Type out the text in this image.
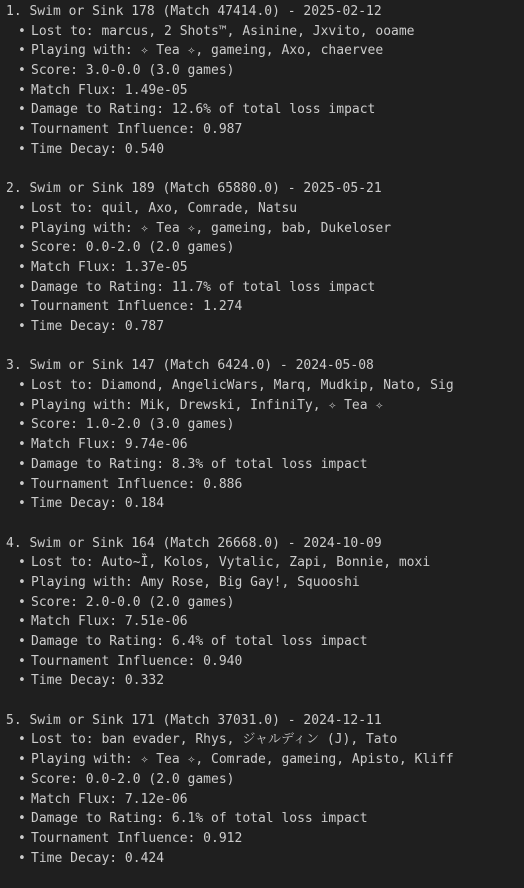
1. Swim or Sink 178 (Match 47414.0) - 2025-02-12
• Lost to: marcus, 2 Shots™, Asinine, Jxvito, ooame
• Playing with: ✧ Tea ✧, gameing, Axo, chaervee
• Score: 3.0-0.0 (3.0 games)
• Match Flux: 1.49e-05
• Damage to Rating: 12.6% of total loss impact
• Tournament Influence: 0.987
• Time Decay: 0.540
2. Swim or Sink 189 (Match 65880.0) - 2025-05-21
• Lost to: quil, Axo, Comrade, Natsu
• Playing with: ✧ Tea ✧, gameing, bab, Dukeloser
• Score: 0.0-2.0 (2.0 games)
• Match Flux: 1.37e-05
• Damage to Rating: 11.7% of total loss impact
• Tournament Influence: 1.274
• Time Decay: 0.787
3. Swim or Sink 147 (Match 6424.0) - 2024-05-08
• Lost to: Diamond, AngelicWars, Marq, Mudkip, Nato, Sig
• Playing with: Mik, Drewski, InfiniTy, ✧ Tea ✧
• Score: 1.0-2.0 (3.0 games)
• Match Flux: 9.74e-06
• Damage to Rating: 8.3% of total loss impact
• Tournament Influence: 0.886
• Time Decay: 0.184
4. Swim or Sink 164 (Match 26668.0) - 2024-10-09
• Lost to: Auto~Ȉ, Kolos, Vytalic, Zapi, Bonnie, moxi
• Playing with: Amy Rose, Big Gay!, Squooshi
• Score: 2.0-0.0 (2.0 games)
• Match Flux: 7.51e-06
• Damage to Rating: 6.4% of total loss impact
• Tournament Influence: 0.940
• Time Decay: 0.332
5. Swim or Sink 171 (Match 37031.0) - 2024-12-11
• Lost to: ban evader, Rhys, ジャルディン (J), Tato
• Playing with: ✧ Tea ✧, Comrade, gameing, Apisto, Kliff
• Score: 0.0-2.0 (2.0 games)
• Match Flux: 7.12e-06
• Damage to Rating: 6.1% of total loss impact
• Tournament Influence: 0.912
• Time Decay: 0.424
